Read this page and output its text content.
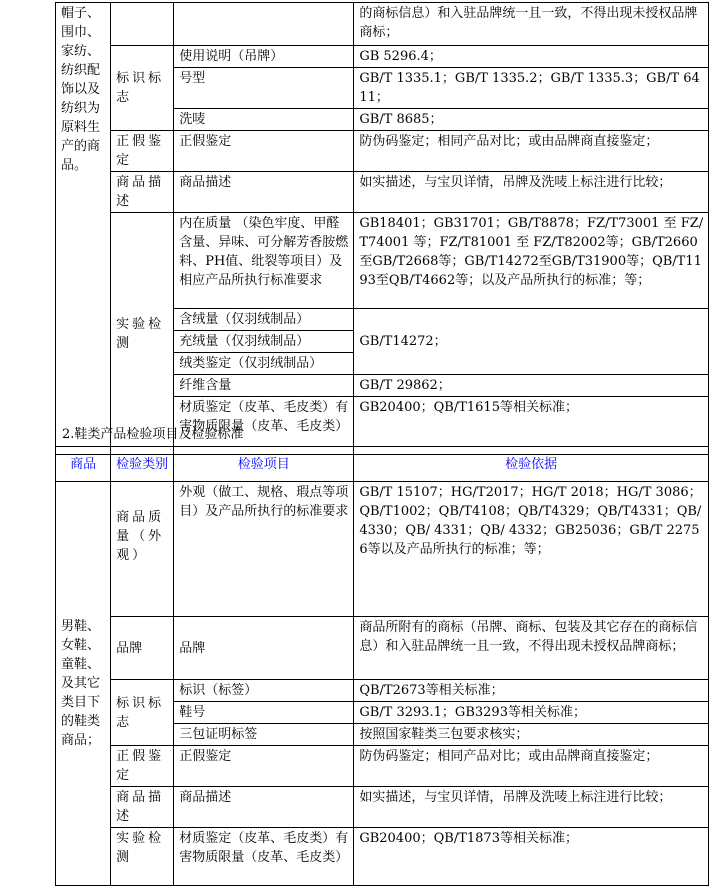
帽子、围巾、家纺、纺织配饰以及纺织为原料生产的商品。			的商标信息）和入驻品牌统一且一致，不得出现未授权品牌商标；
	标识标志	使用说明（吊牌）	GB 5296.4；
		号型	GB/T 1335.1；GB/T 1335.2；GB/T 1335.3；GB/T 6411；
		洗唛	GB/T 8685；
	正假鉴定	正假鉴定	防伪码鉴定；相同产品对比；或由品牌商直接鉴定；
	商品描述	商品描述	如实描述，与宝贝详情，吊牌及洗唛上标注进行比较；
	实验检测	内在质量 （染色牢度、甲醛含量、异味、可分解芳香胺燃料、PH值、纰裂等项目）及相应产品所执行标准要求	GB18401；GB31701；GB/T8878；FZ/T73001 至 FZ/T74001 等；FZ/T81001 至 FZ/T82002等；GB/T2660至GB/T2668等；GB/T14272至GB/T31900等；QB/T1193至QB/T4662等；以及产品所执行的标准；等；
		含绒量（仅羽绒制品）	GB/T14272；
		充绒量（仅羽绒制品）	
		绒类鉴定（仅羽绒制品）	
		纤维含量	GB/T 29862；
		材质鉴定（皮革、毛皮类）有害物质限量（皮革、毛皮类）	GB20400；QB/T1615等相关标准；
2.鞋类产品检验项目及检验标准
商品	检验类别	检验项目	检验依据
男鞋、女鞋、童鞋、及其它类目下的鞋类商品；	商品质量（外观）	外观（做工、规格、瑕点等项目）及产品所执行的标准要求	GB/T 15107；HG/T2017；HG/T 2018；HG/T 3086；QB/T1002；QB/T4108；QB/T4329；QB/T4331；QB/4330；QB/ 4331；QB/ 4332；GB25036；GB/T 22756等以及产品所执行的标准；等；
	品牌	品牌	商品所附有的商标（吊牌、商标、包装及其它存在的商标信息）和入驻品牌统一且一致，不得出现未授权品牌商标；
	标识标志	标识（标签）	QB/T2673等相关标准；
		鞋号	GB/T 3293.1；GB3293等相关标准；
		三包证明标签	按照国家鞋类三包要求核实；
	正假鉴定	正假鉴定	防伪码鉴定；相同产品对比；或由品牌商直接鉴定；
	商品描述	商品描述	如实描述，与宝贝详情，吊牌及洗唛上标注进行比较；
	实验检测	材质鉴定（皮革、毛皮类）有害物质限量（皮革、毛皮类）	GB20400；QB/T1873等相关标准；
